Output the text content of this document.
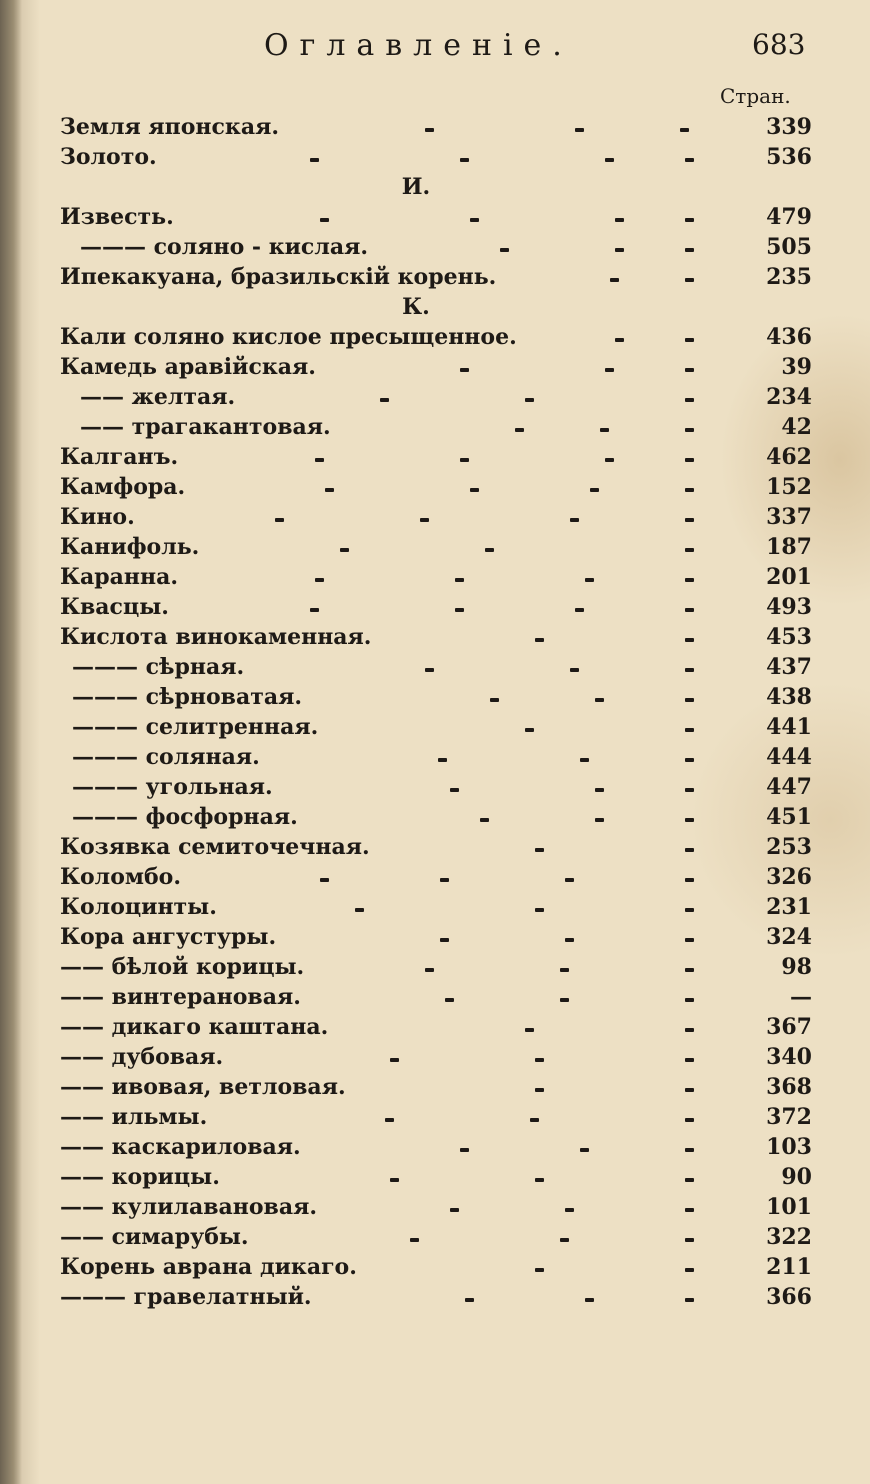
Оглавленіе.	683
Стран.
Земля японская.	339
Золото.	536
И.
Известь.	479
——— соляно - кислая.	505
Ипекакуана, бразильскій корень.	235
К.
Кали соляно кислое пресыщенное.	436
Камедь аравійская.	39
—— желтая.	234
—— трагакантовая.	42
Калганъ.	462
Камфора.	152
Кино.	337
Канифоль.	187
Каранна.	201
Квасцы.	493
Кислота винокаменная.	453
——— сѣрная.	437
——— сѣрноватая.	438
——— селитренная.	441
——— соляная.	444
——— угольная.	447
——— фосфорная.	451
Козявка семиточечная.	253
Коломбо.	326
Колоцинты.	231
Кора ангустуры.	324
—— бѣлой корицы.	98
—— винтерановая.	—
—— дикаго каштана.	367
—— дубовая.	340
—— ивовая, ветловая.	368
—— ильмы.	372
—— каскариловая.	103
—— корицы.	90
—— кулилавановая.	101
—— симарубы.	322
Корень аврана дикаго.	211
——— гравелатный.	366
